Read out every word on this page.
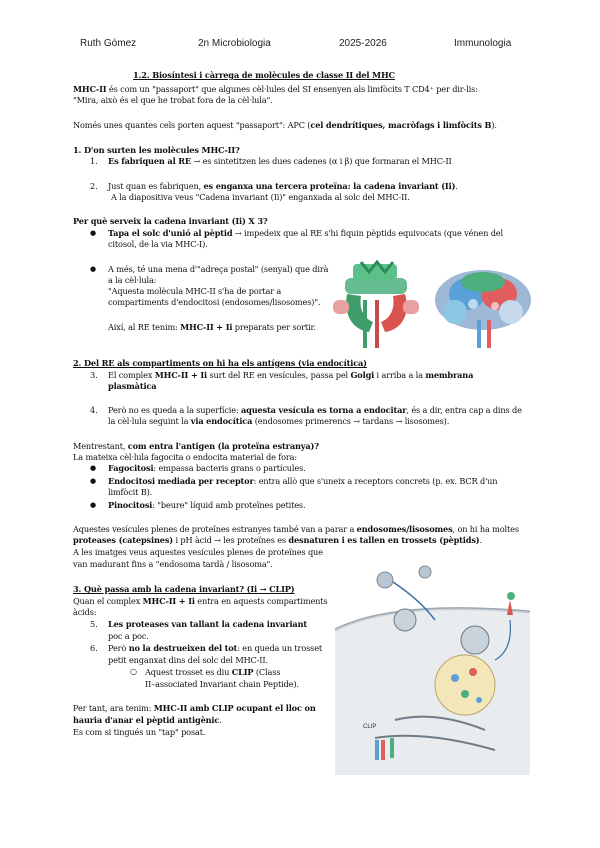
Ruth Gómez	2n Microbiologia	2025-2026	Immunologia
1.2. Biosíntesi i càrrega de molècules de classe II del MHC
MHC-II és com un "passaport" que algunes cèl·lules del SI ensenyen als limfòcits T CD4⁺ per dir-lis:
"Mira, això és el que he trobat fora de la cèl·lula".
Només unes quantes cels porten aquest "passaport": APC (cel dendrítiques, macròfags i limfòcits B).
1. D'on surten les molècules MHC-II?
1. Es fabriquen al RE → es sintetitzen les dues cadenes (α i β) que formaran el MHC-II
2. Just quan es fabriquen, es enganxa una tercera proteïna: la cadena invariant (Ii).
A la diapositiva veus "Cadena invariant (Ii)" enganxada al solc del MHC-II.
Per què serveix la cadena invariant (Ii) X 3?
● Tapa el solc d'unió al pèptid → impedeix que al RE s'hi fiquin pèptids equivocats (que vénen del
citosol, de la via MHC-I).
● A més, té una mena d'"adreça postal" (senyal) que dirà
a la cèl·lula:
"Aquesta molècula MHC-II s'ha de portar a
compartiments d'endocitosi (endosomes/lisosomes)".
Així, al RE tenim: MHC-II + Ii preparats per sortir.
2. Del RE als compartiments on hi ha els antígens (via endocítica)
3. El complex MHC-II + Ii surt del RE en vesícules, passa pel Golgi i arriba a la membrana
plasmàtica
4. Però no es queda a la superfície: aquesta vesícula es torna a endocitar, és a dir, entra cap a dins de
la cèl·lula seguint la via endocítica (endosomes primerencs → tardans → lisosomes).
Mentrestant, com entra l'antigen (la proteïna estranya)?
La mateixa cèl·lula fagocita o endocita material de fora:
● Fagocitosi: empassa bacteris grans o partícules.
● Endocitosi mediada per receptor: entra allò que s'uneix a receptors concrets (p. ex. BCR d'un
limfòcit B).
● Pinocitosi: "beure" líquid amb proteïnes petites.
Aquestes vesícules plenes de proteïnes estranyes també van a parar a endosomes/lisosomes, on hi ha moltes
proteases (catepsines) i pH àcid → les proteïnes es desnaturen i es tallen en trossets (pèptids).
A les imatges veus aquestes vesícules plenes de proteïnes que
van madurant fins a "endosoma tardà / lisosoma".
3. Què passa amb la cadena invariant? (Ii → CLIP)
Quan el complex MHC-II + Ii entra en aquests compartiments
àcids:
5. Les proteases van tallant la cadena invariant
poc a poc.
6. Però no la destrueixen del tot: en queda un trosset
petit enganxat dins del solc del MHC-II.
○ Aquest trosset es diu CLIP (Class
II–associated Invariant chain Peptide).
Per tant, ara tenim: MHC-II amb CLIP ocupant el lloc on
hauria d'anar el pèptid antigènic.
Es com si tingués un "tap" posat.	CLIP
